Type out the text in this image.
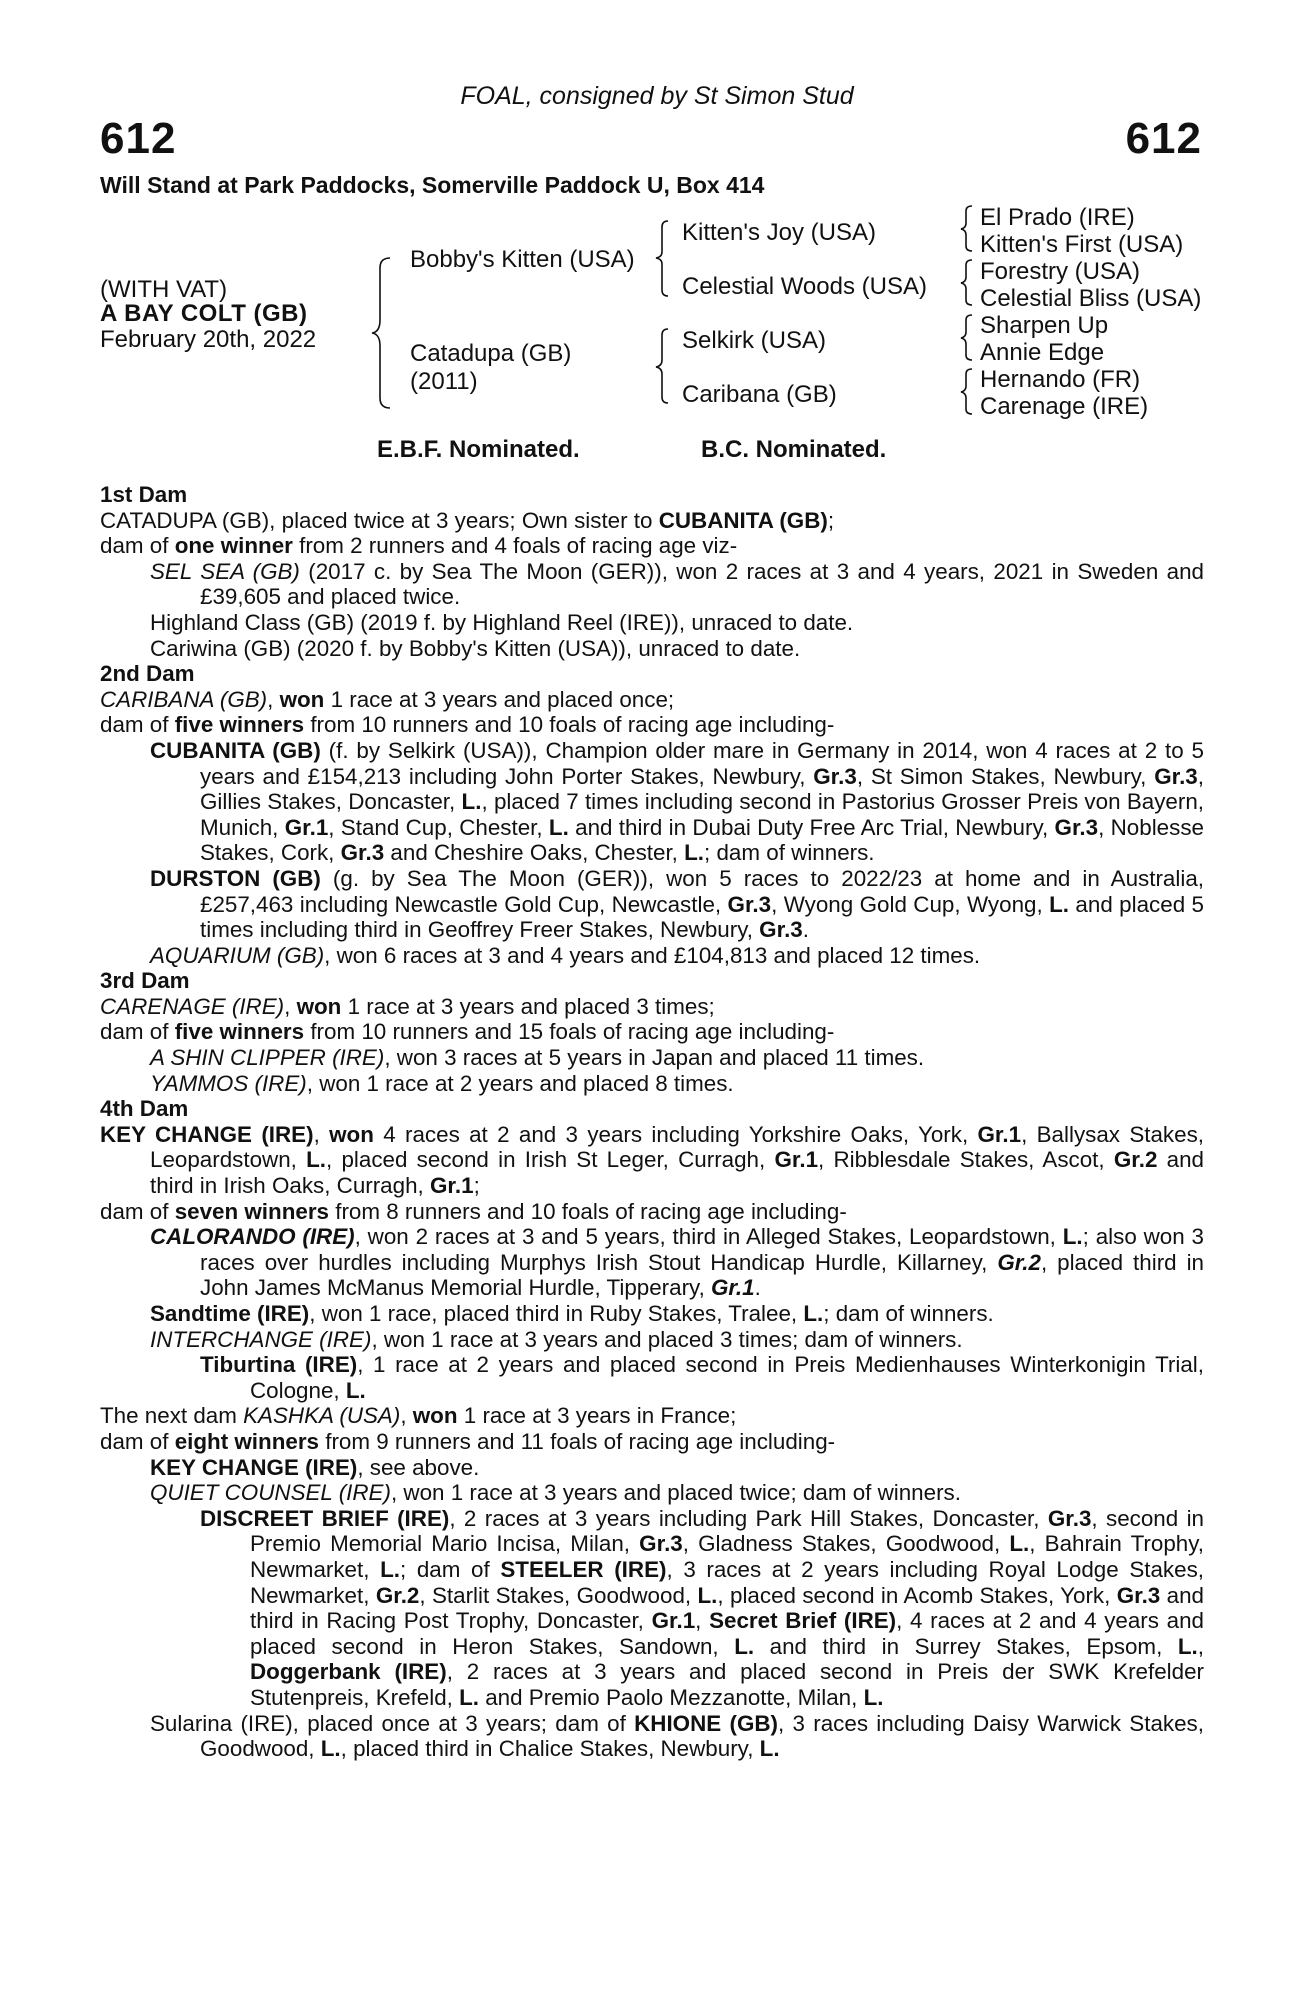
FOAL, consigned by St Simon Stud
612	612
Will Stand at Park Paddocks, Somerville Paddock U, Box 414
(WITH VAT)
A BAY COLT (GB)
February 20th, 2022
Bobby's Kitten (USA)
Catadupa (GB)
(2011)
Kitten's Joy (USA)
Celestial Woods (USA)
Selkirk (USA)
Caribana (GB)
El Prado (IRE)
Kitten's First (USA)
Forestry (USA)
Celestial Bliss (USA)
Sharpen Up
Annie Edge
Hernando (FR)
Carenage (IRE)
E.B.F. Nominated.	B.C. Nominated.

1st Dam

CATADUPA (GB), placed twice at 3 years; Own sister to CUBANITA (GB);

dam of one winner from 2 runners and 4 foals of racing age viz-

SEL SEA (GB) (2017 c. by Sea The Moon (GER)), won 2 races at 3 and 4 years, 2021 in Sweden and £39,605 and placed twice.

Highland Class (GB) (2019 f. by Highland Reel (IRE)), unraced to date.

Cariwina (GB) (2020 f. by Bobby's Kitten (USA)), unraced to date.

2nd Dam

CARIBANA (GB), won 1 race at 3 years and placed once;

dam of five winners from 10 runners and 10 foals of racing age including-

CUBANITA (GB) (f. by Selkirk (USA)), Champion older mare in Germany in 2014, won 4 races at 2 to 5 years and £154,213 including John Porter Stakes, Newbury, Gr.3, St Simon Stakes, Newbury, Gr.3, Gillies Stakes, Doncaster, L., placed 7 times including second in Pastorius Grosser Preis von Bayern, Munich, Gr.1, Stand Cup, Chester, L. and third in Dubai Duty Free Arc Trial, Newbury, Gr.3, Noblesse Stakes, Cork, Gr.3 and Cheshire Oaks, Chester, L.; dam of winners.

DURSTON (GB) (g. by Sea The Moon (GER)), won 5 races to 2022/23 at home and in Australia, £257,463 including Newcastle Gold Cup, Newcastle, Gr.3, Wyong Gold Cup, Wyong, L. and placed 5 times including third in Geoffrey Freer Stakes, Newbury, Gr.3.

AQUARIUM (GB), won 6 races at 3 and 4 years and £104,813 and placed 12 times.

3rd Dam

CARENAGE (IRE), won 1 race at 3 years and placed 3 times;

dam of five winners from 10 runners and 15 foals of racing age including-

A SHIN CLIPPER (IRE), won 3 races at 5 years in Japan and placed 11 times.

YAMMOS (IRE), won 1 race at 2 years and placed 8 times.

4th Dam

KEY CHANGE (IRE), won 4 races at 2 and 3 years including Yorkshire Oaks, York, Gr.1, Ballysax Stakes, Leopardstown, L., placed second in Irish St Leger, Curragh, Gr.1, Ribblesdale Stakes, Ascot, Gr.2 and third in Irish Oaks, Curragh, Gr.1;

dam of seven winners from 8 runners and 10 foals of racing age including-

CALORANDO (IRE), won 2 races at 3 and 5 years, third in Alleged Stakes, Leopardstown, L.; also won 3 races over hurdles including Murphys Irish Stout Handicap Hurdle, Killarney, Gr.2, placed third in John James McManus Memorial Hurdle, Tipperary, Gr.1.

Sandtime (IRE), won 1 race, placed third in Ruby Stakes, Tralee, L.; dam of winners.

INTERCHANGE (IRE), won 1 race at 3 years and placed 3 times; dam of winners.

Tiburtina (IRE), 1 race at 2 years and placed second in Preis Medienhauses Winterkonigin Trial, Cologne, L.

The next dam KASHKA (USA), won 1 race at 3 years in France;

dam of eight winners from 9 runners and 11 foals of racing age including-

KEY CHANGE (IRE), see above.

QUIET COUNSEL (IRE), won 1 race at 3 years and placed twice; dam of winners.

DISCREET BRIEF (IRE), 2 races at 3 years including Park Hill Stakes, Doncaster, Gr.3, second in Premio Memorial Mario Incisa, Milan, Gr.3, Gladness Stakes, Goodwood, L., Bahrain Trophy, Newmarket, L.; dam of STEELER (IRE), 3 races at 2 years including Royal Lodge Stakes, Newmarket, Gr.2, Starlit Stakes, Goodwood, L., placed second in Acomb Stakes, York, Gr.3 and third in Racing Post Trophy, Doncaster, Gr.1, Secret Brief (IRE), 4 races at 2 and 4 years and placed second in Heron Stakes, Sandown, L. and third in Surrey Stakes, Epsom, L., Doggerbank (IRE), 2 races at 3 years and placed second in Preis der SWK Krefelder Stutenpreis, Krefeld, L. and Premio Paolo Mezzanotte, Milan, L.

Sularina (IRE), placed once at 3 years; dam of KHIONE (GB), 3 races including Daisy Warwick Stakes, Goodwood, L., placed third in Chalice Stakes, Newbury, L.
